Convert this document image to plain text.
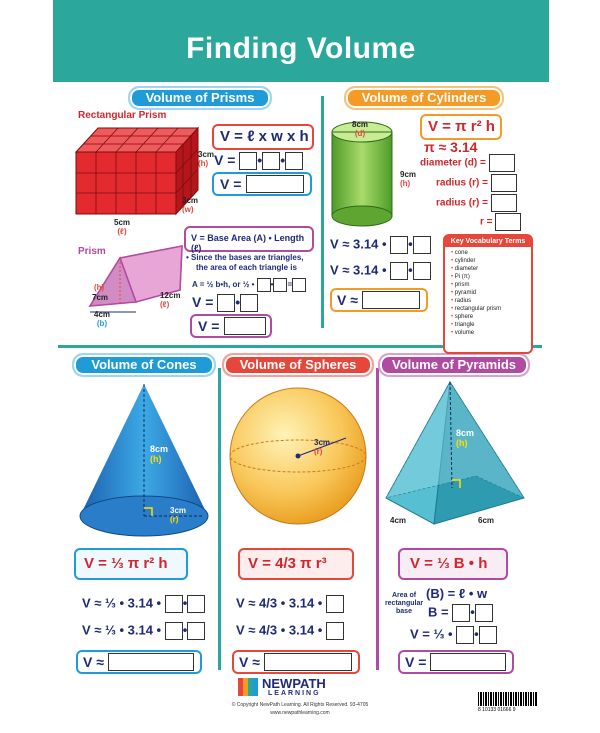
Finding Volume
Volume of Prisms	Volume of Cylinders
Volume of Cones	Volume of Spheres	Volume of Pyramids
Rectangular Prism
3cm
(h)
3cm
(w)
5cm
(ℓ)
V = ℓ x w x h
V = • •
V =
Prism
(h)
7cm
4cm
(b)
12cm
(ℓ)
V = Base Area (A) • Length (ℓ)
• Since the bases are triangles,
the area of each triangle is
A = ½ b•h, or ½ • • =
V = •
V =
8cm
(d)
9cm
(h)
V = π r² h
π ≈ 3.14
diameter (d) =
radius (r) =
radius (r) =
r =
V ≈ 3.14 • •
V ≈ 3.14 • •
V ≈
Key Vocabulary Terms
• cone
• cylinder
• diameter
• Pi (π)
• prism
• pyramid
• radius
• rectangular prism
• sphere
• triangle
• volume
8cm
(h)
3cm
(r)
V = ⅓ π r² h
V ≈ ⅓ • 3.14 • •
V ≈ ⅓ • 3.14 • •
V ≈
3cm
(r)
V = 4/3 π r³
V ≈ 4/3 • 3.14 •
V ≈ 4/3 • 3.14 •
V ≈
8cm
(h)
4cm	6cm
V = ⅓ B • h
Area of rectangular base
(B) = ℓ • w
B = •
V = ⅓ • •
V =
NEWPATH
LEARNING
© Copyright NewPath Learning. All Rights Reserved. 93-4705
www.newpathlearning.com	8 10133 01666 9
